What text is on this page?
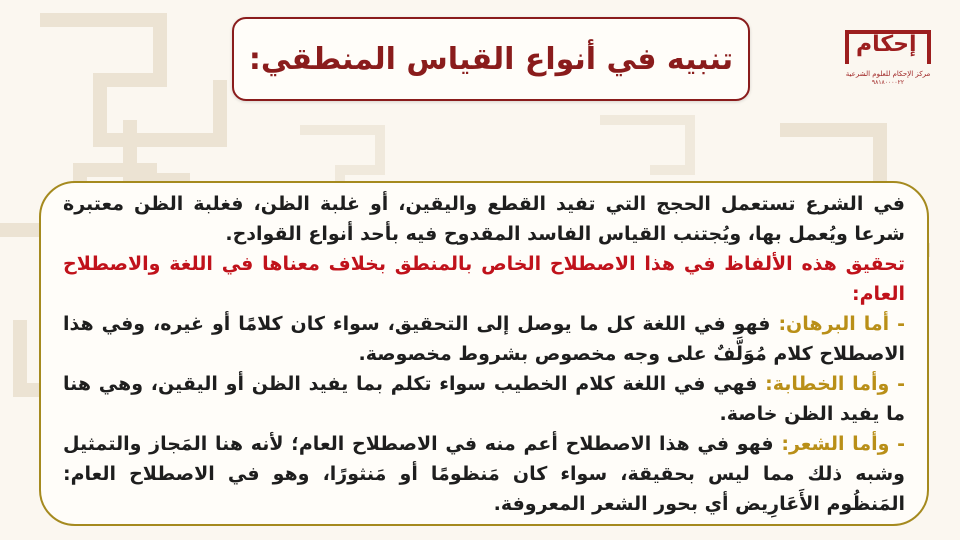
تنبيه في أنواع القياس المنطقي:	إحكام
مركز الإحكام للعلوم الشرعية
٩٨١٨٠٠٠٠٢٢

في الشرع تستعمل الحجج التي تفيد القطع واليقين، أو غلبة الظن، فغلبة الظن معتبرة شرعا ويُعمل بها، ويُجتنب القياس الفاسد المقدوح فيه بأحد أنواع القوادح.

تحقيق هذه الألفاظ في هذا الاصطلاح الخاص بالمنطق بخلاف معناها في اللغة والاصطلاح العام:

- أما البرهان: فهو في اللغة كل ما يوصل إلى التحقيق، سواء كان كلامًا أو غيره، وفي هذا الاصطلاح كلام مُوَلَّفٌ على وجه مخصوص بشروط مخصوصة.

- وأما الخطابة: فهي في اللغة كلام الخطيب سواء تكلم بما يفيد الظن أو اليقين، وهي هنا ما يفيد الظن خاصة.

- وأما الشعر: فهو في هذا الاصطلاح أعم منه في الاصطلاح العام؛ لأنه هنا المَجاز والتمثيل وشبه ذلك مما ليس بحقيقة، سواء كان مَنظومًا أو مَنثورًا، وهو في الاصطلاح العام: المَنظُوم الأَعَارِيض أي بحور الشعر المعروفة.
